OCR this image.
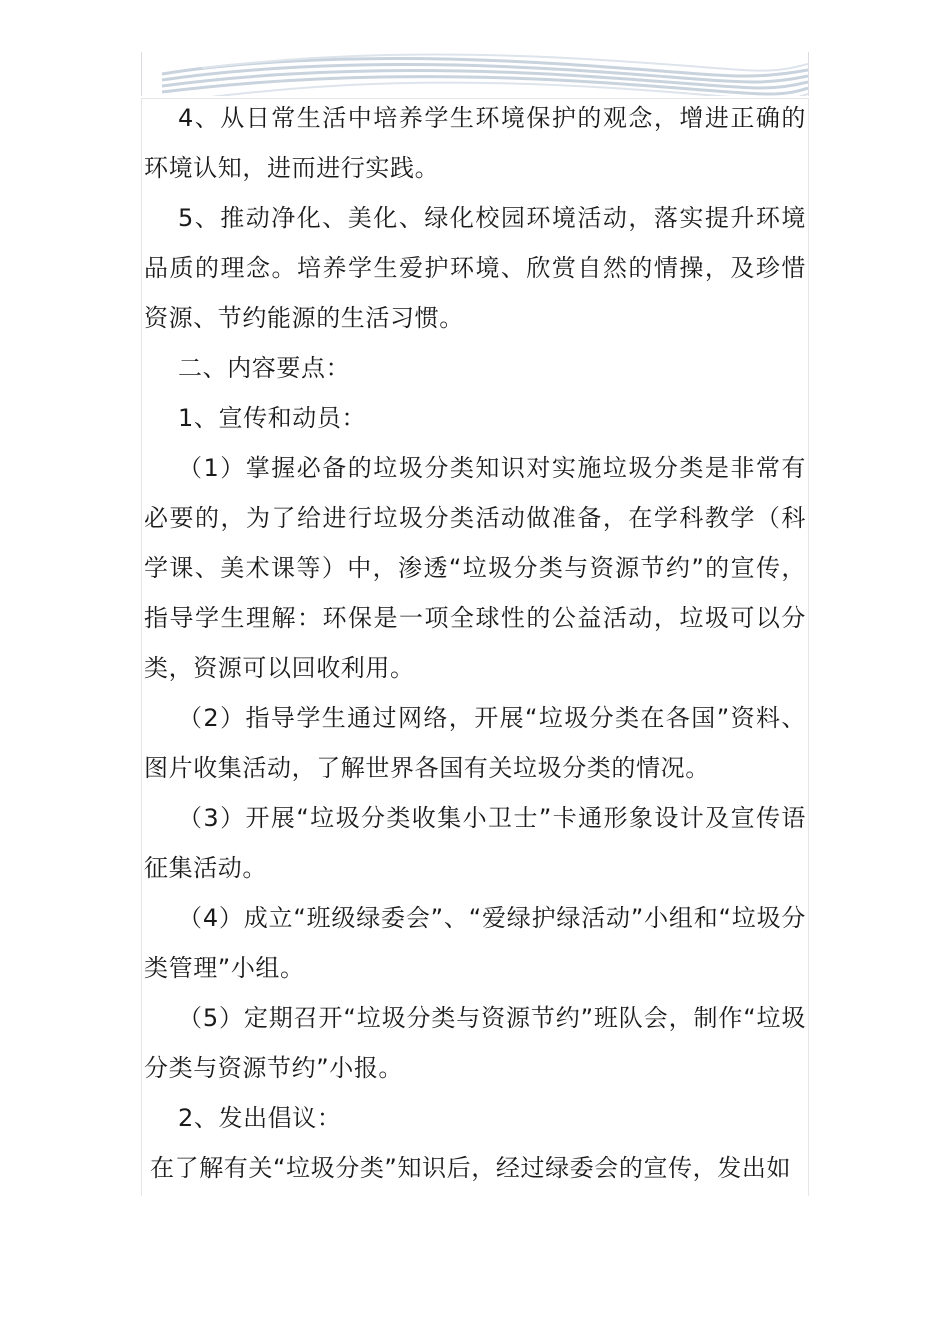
4、从日常生活中培养学生环境保护的观念，增进正确的环境认知，进而进行实践。

5、推动净化、美化、绿化校园环境活动，落实提升环境品质的理念。培养学生爱护环境、欣赏自然的情操，及珍惜资源、节约能源的生活习惯。

二、内容要点：

1、宣传和动员：

（1）掌握必备的垃圾分类知识对实施垃圾分类是非常有必要的，为了给进行垃圾分类活动做准备，在学科教学（科学课、美术课等）中，渗透“垃圾分类与资源节约”的宣传，指导学生理解：环保是一项全球性的公益活动，垃圾可以分类，资源可以回收利用。

（2）指导学生通过网络，开展“垃圾分类在各国”资料、图片收集活动，了解世界各国有关垃圾分类的情况。

（3）开展“垃圾分类收集小卫士”卡通形象设计及宣传语征集活动。

（4）成立“班级绿委会”、“爱绿护绿活动”小组和“垃圾分类管理”小组。

（5）定期召开“垃圾分类与资源节约”班队会，制作“垃圾分类与资源节约”小报。

2、发出倡议：

在了解有关“垃圾分类”知识后，经过绿委会的宣传，发出如
